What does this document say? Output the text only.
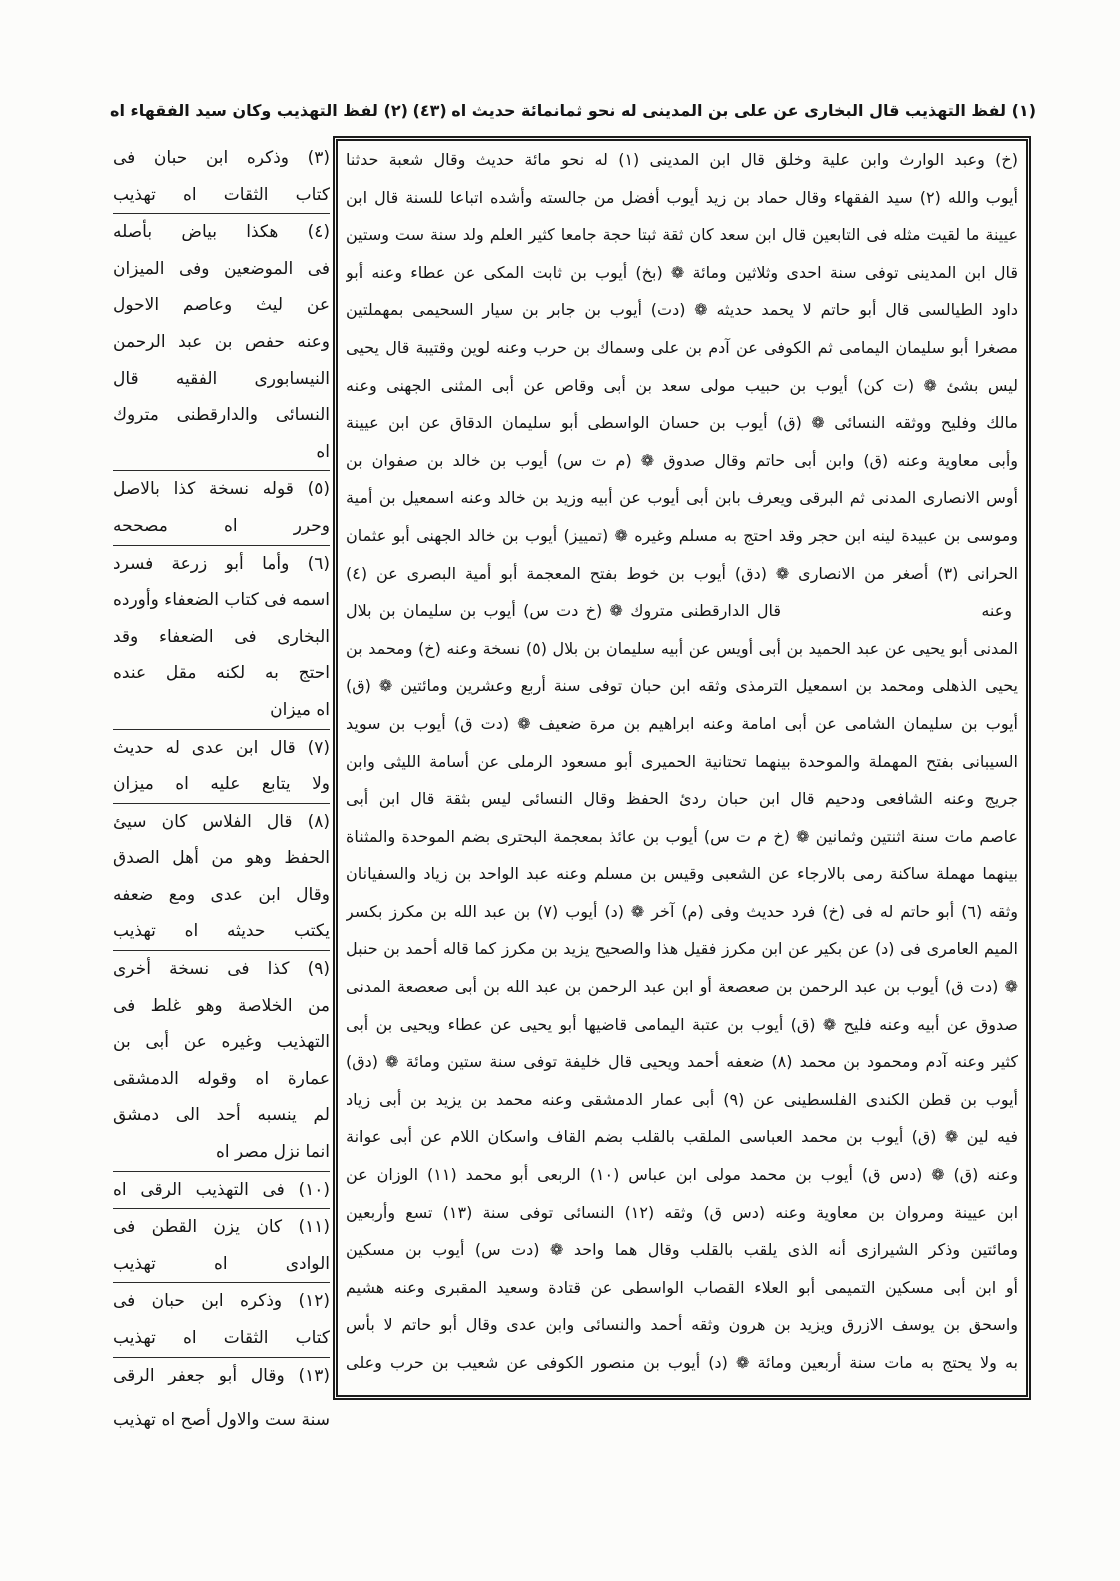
(١) لفظ التهذيب قال البخارى عن على بن المدينى له نحو ثمانمائة حديث اه
(٤٣)
(٢) لفظ التهذيب وكان سيد الفقهاء اه
(خ) وعبد الوارث وابن علية وخلق قال ابن المدينى (١) له نحو مائة حديث وقال شعبة حدثنا
أيوب والله (٢) سيد الفقهاء وقال حماد بن زيد أيوب أفضل من جالسته وأشده اتباعا للسنة قال ابن
عيينة ما لقيت مثله فى التابعين قال ابن سعد كان ثقة ثبتا حجة جامعا كثير العلم ولد سنة ست وستين
قال ابن المدينى توفى سنة احدى وثلاثين ومائة ❁ (بخ) أيوب بن ثابت المكى عن عطاء وعنه أبو
داود الطيالسى قال أبو حاتم لا يحمد حديثه ❁ (دت) أيوب بن جابر بن سيار السحيمى بمهملتين
مصغرا أبو سليمان اليمامى ثم الكوفى عن آدم بن على وسماك بن حرب وعنه لوين وقتيبة قال يحيى
ليس بشئ ❁ (ت كن) أيوب بن حبيب مولى سعد بن أبى وقاص عن أبى المثنى الجهنى وعنه
مالك وفليح ووثقه النسائى ❁ (ق) أيوب بن حسان الواسطى أبو سليمان الدقاق عن ابن عيينة
وأبى معاوية وعنه (ق) وابن أبى حاتم وقال صدوق ❁ (م ت س) أيوب بن خالد بن صفوان بن
أوس الانصارى المدنى ثم البرقى ويعرف بابن أبى أيوب عن أبيه وزيد بن خالد وعنه اسمعيل بن أمية
وموسى بن عبيدة لينه ابن حجر وقد احتج به مسلم وغيره ❁ (تمييز) أيوب بن خالد الجهنى أبو عثمان
الحرانى (٣) أصغر من الانصارى ❁ (دق) أيوب بن خوط بفتح المعجمة أبو أمية البصرى عن (٤)
وعنه
قال الدارقطنى متروك ❁ (خ دت س) أيوب بن سليمان بن بلال
المدنى أبو يحيى عن عبد الحميد بن أبى أويس عن أبيه سليمان بن بلال (٥) نسخة وعنه (خ) ومحمد بن
يحيى الذهلى ومحمد بن اسمعيل الترمذى وثقه ابن حبان توفى سنة أربع وعشرين ومائتين ❁ (ق)
أيوب بن سليمان الشامى عن أبى امامة وعنه ابراهيم بن مرة ضعيف ❁ (دت ق) أيوب بن سويد
السيبانى بفتح المهملة والموحدة بينهما تحتانية الحميرى أبو مسعود الرملى عن أسامة الليثى وابن
جريج وعنه الشافعى ودحيم قال ابن حبان ردئ الحفظ وقال النسائى ليس بثقة قال ابن أبى
عاصم مات سنة اثنتين وثمانين ❁ (خ م ت س) أيوب بن عائذ بمعجمة البحترى بضم الموحدة والمثناة
بينهما مهملة ساكنة رمى بالارجاء عن الشعبى وقيس بن مسلم وعنه عبد الواحد بن زياد والسفيانان
وثقه (٦) أبو حاتم له فى (خ) فرد حديث وفى (م) آخر ❁ (د) أيوب (٧) بن عبد الله بن مكرز بكسر
الميم العامرى فى (د) عن بكير عن ابن مكرز فقيل هذا والصحيح يزيد بن مكرز كما قاله أحمد بن حنبل
❁ (دت ق) أيوب بن عبد الرحمن بن صعصعة أو ابن عبد الرحمن بن عبد الله بن أبى صعصعة المدنى
صدوق عن أبيه وعنه فليح ❁ (ق) أيوب بن عتبة اليمامى قاضيها أبو يحيى عن عطاء ويحيى بن أبى
كثير وعنه آدم ومحمود بن محمد (٨) ضعفه أحمد ويحيى قال خليفة توفى سنة ستين ومائة ❁ (دق)
أيوب بن قطن الكندى الفلسطينى عن (٩) أبى عمار الدمشقى وعنه محمد بن يزيد بن أبى زياد
فيه لين ❁ (ق) أيوب بن محمد العباسى الملقب بالقلب بضم القاف واسكان اللام عن أبى عوانة
وعنه (ق) ❁ (دس ق) أيوب بن محمد مولى ابن عباس (١٠) الربعى أبو محمد (١١) الوزان عن
ابن عيينة ومروان بن معاوية وعنه (دس ق) وثقه (١٢) النسائى توفى سنة (١٣) تسع وأربعين
ومائتين وذكر الشيرازى أنه الذى يلقب بالقلب وقال هما واحد ❁ (دت س) أيوب بن مسكين
أو ابن أبى مسكين التميمى أبو العلاء القصاب الواسطى عن قتادة وسعيد المقبرى وعنه هشيم
واسحق بن يوسف الازرق ويزيد بن هرون وثقه أحمد والنسائى وابن عدى وقال أبو حاتم لا بأس
به ولا يحتج به مات سنة أربعين ومائة ❁ (د) أيوب بن منصور الكوفى عن شعيب بن حرب وعلى
(٣) وذكره ابن حبان فى
كتاب الثقات اه تهذيب
(٤) هكذا بياض بأصله
فى الموضعين وفى الميزان
عن ليث وعاصم الاحول
وعنه حفص بن عبد الرحمن
النيسابورى الفقيه قال
النسائى والدارقطنى متروك
اه
(٥) قوله نسخة كذا بالاصل
وحرر اه مصححه
(٦) وأما أبو زرعة فسرد
اسمه فى كتاب الضعفاء وأورده
البخارى فى الضعفاء وقد
احتج به لكنه مقل عنده
اه ميزان
(٧) قال ابن عدى له حديث
ولا يتابع عليه اه ميزان
(٨) قال الفلاس كان سيئ
الحفظ وهو من أهل الصدق
وقال ابن عدى ومع ضعفه
يكتب حديثه اه تهذيب
(٩) كذا فى نسخة أخرى
من الخلاصة وهو غلط فى
التهذيب وغيره عن أبى بن
عمارة اه وقوله الدمشقى
لم ينسبه أحد الى دمشق
انما نزل مصر اه
(١٠) فى التهذيب الرقى اه
(١١) كان يزن القطن فى
الوادى اه تهذيب
(١٢) وذكره ابن حبان فى
كتاب الثقات اه تهذيب
(١٣) وقال أبو جعفر الرقى
سنة ست والاول أصح اه تهذيب
